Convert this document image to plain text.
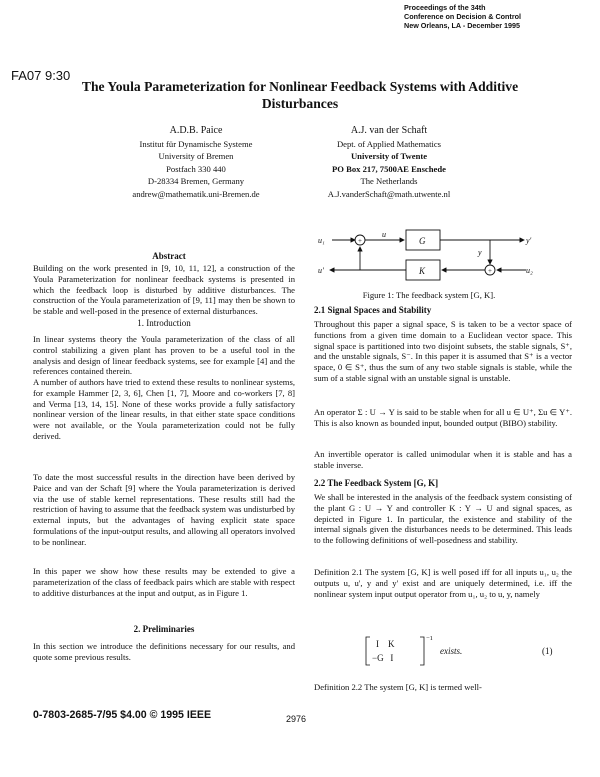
Proceedings of the 34th
Conference on Decision & Control
New Orleans, LA - December 1995
FA07 9:30
The Youla Parameterization for Nonlinear Feedback Systems with Additive Disturbances
A.D.B. Paice
Institut für Dynamische Systeme
University of Bremen
Postfach 330 440
D-28334 Bremen, Germany
andrew@mathematik.uni-Bremen.de
A.J. van der Schaft
Dept. of Applied Mathematics
University of Twente
PO Box 217, 7500AE Enschede
The Netherlands
A.J.vanderSchaft@math.utwente.nl
Abstract
Building on the work presented in [9, 10, 11, 12], a construction of the Youla Parameterization for nonlinear feedback systems is presented in which the feedback loop is disturbed by additive disturbances. The construction of the Youla parameterization of [9, 11] may then be shown to be stable and well-posed in the presence of external disturbances.
1. Introduction
In linear systems theory the Youla parameterization of the class of all control stabilizing a given plant has proven to be a useful tool in the analysis and design of linear feedback systems, see for example [4] and the references contained therein.
A number of authors have tried to extend these results to nonlinear systems, for example Hammer [2, 3, 6], Chen [1, 7], Moore and co-workers [7, 8] and Verma [13, 14, 15]. None of these works provide a fully satisfactory nonlinear version of the linear results, in that either state space conditions were not available, or the Youla parameterization could not be fully derived.
To date the most successful results in the direction have been derived by Paice and van der Schaft [9] where the Youla parameterization is derived via the use of stable kernel representations. These results still had the restriction of having to assume that the feedback system was undisturbed by external inputs, but the advantages of having explicit state space formulations of the input-output results, and allowing all operators involved to be nonlinear.
In this paper we show how these results may be extended to give a parameterization of the class of feedback pairs which are stable with respect to additive disturbances at the input and output, as in Figure 1.
2. Preliminaries
In this section we introduce the definitions necessary for our results, and quote some previous results.
G
K
+
+
u₁
u₂
y'
u'
u
y
Figure 1: The feedback system [G, K].
2.1 Signal Spaces and Stability
Throughout this paper a signal space, S is taken to be a vector space of functions from a given time domain to a Euclidean vector space. This signal space is partitioned into two disjoint subsets, the stable signals, S⁺, and the unstable signals, S⁻. In this paper it is assumed that S⁺ is a vector space, 0 ∈ S⁺, thus the sum of any two stable signals is stable, while the sum of a stable signal with an unstable signal is unstable.
An operator Σ : U → Y is said to be stable when for all u ∈ U⁺, Σu ∈ Y⁺. This is also known as bounded input, bounded output (BIBO) stability.
An invertible operator is called unimodular when it is stable and has a stable inverse.
2.2 The Feedback System [G, K]
We shall be interested in the analysis of the feedback system consisting of the plant G : U → Y and controller K : Y → U and signal spaces, as depicted in Figure 1. In particular, the existence and stability of the internal signals given the disturbances needs to be determined. This leads to the following definitions of well-posedness and stability.
Definition 2.1 The system [G, K] is well posed iff for all inputs u₁, u₂ the outputs u, u', y and y' exist and are uniquely determined, i.e. iff the nonlinear system input output operator from u₁, u₂ to u, y, namely
I    K
−G   I
−1
exists.	(1)
Definition 2.2 The system [G, K] is termed well-
0-7803-2685-7/95 $4.00 © 1995 IEEE	2976
